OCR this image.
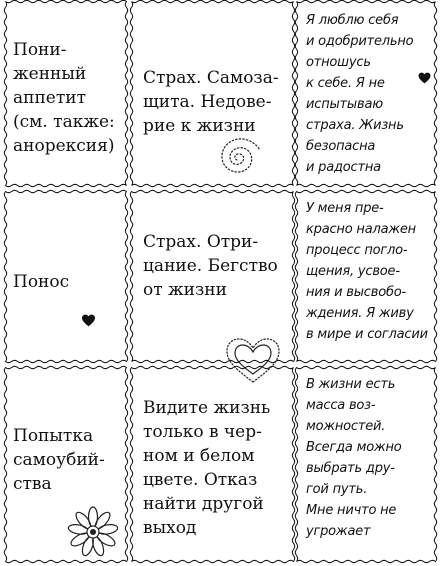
Пони-
женный
аппетит
(см. также:
анорексия)
Страх. Самоза-
щита. Недове-
рие к жизни
Я люблю себя
и одобрительно
отношусь
к себе. Я не
испытываю
страха. Жизнь
безопасна
и радостна
Понос
Страх. Отри-
цание. Бегство
от жизни
У меня пре-
красно налажен
процесс погло-
щения, усвое-
ния и высвобо-
ждения. Я живу
в мире и согласии
Попытка
самоубий-
ства
Видите жизнь
только в чер-
ном и белом
цвете. Отказ
найти другой
выход
В жизни есть
масса воз-
можностей.
Всегда можно
выбрать дру-
гой путь.
Мне ничто не
угрожает
